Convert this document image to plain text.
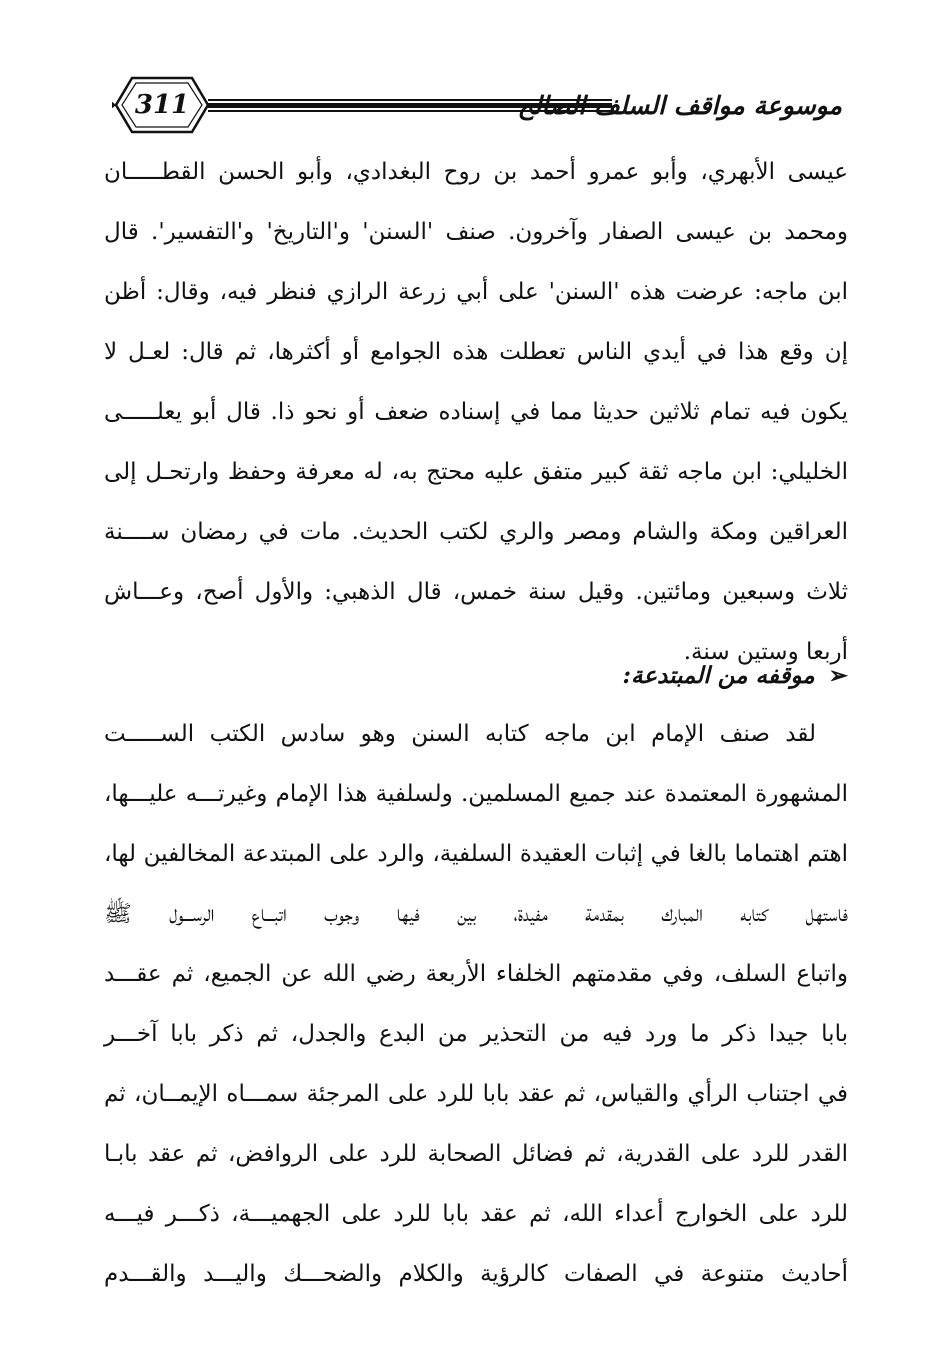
311	موسوعة مواقف السلف الصالح
عيسى الأبهري، وأبو عمرو أحمد بن روح البغدادي، وأبو الحسن القطـــــان
ومحمد بن عيسى الصفار وآخرون. صنف 'السنن' و'التاريخ' و'التفسير'. قال
ابن ماجه: عرضت هذه 'السنن' على أبي زرعة الرازي فنظر فيه، وقال: أظن
إن وقع هذا في أيدي الناس تعطلت هذه الجوامع أو أكثرها، ثم قال: لعـل لا
يكون فيه تمام ثلاثين حديثا مما في إسناده ضعف أو نحو ذا. قال أبو يعلـــــى
الخليلي: ابن ماجه ثقة كبير متفق عليه محتج به، له معرفة وحفظ وارتحـل إلى
العراقين ومكة والشام ومصر والري لكتب الحديث. مات في رمضان ســــنة
ثلاث وسبعين ومائتين. وقيل سنة خمس، قال الذهبي: والأول أصح، وعـــاش
أربعا وستين سنة.
➢موقفه من المبتدعة:
لقد صنف الإمام ابن ماجه كتابه السنن وهو سادس الكتب الســـــت
المشهورة المعتمدة عند جميع المسلمين. ولسلفية هذا الإمام وغيرتـــه عليـــها،
اهتم اهتماما بالغا في إثبات العقيدة السلفية، والرد على المبتدعة المخالفين لها،
فاستهل كتابه المبارك بمقدمة مفيدة، بين فيها وجوب اتبـــاع الرســـول ﷺ
واتباع السلف، وفي مقدمتهم الخلفاء الأربعة رضي الله عن الجميع، ثم عقـــد
بابا جيدا ذكر ما ورد فيه من التحذير من البدع والجدل، ثم ذكر بابا آخـــر
في اجتناب الرأي والقياس، ثم عقد بابا للرد على المرجئة سمـــاه الإيمــان، ثم
القدر للرد على القدرية، ثم فضائل الصحابة للرد على الروافض، ثم عقد بابـا
للرد على الخوارج أعداء الله، ثم عقد بابا للرد على الجهميـــة، ذكـــر فيـــه
أحاديث متنوعة في الصفات كالرؤية والكلام والضحـــك واليـــد والقـــدم
